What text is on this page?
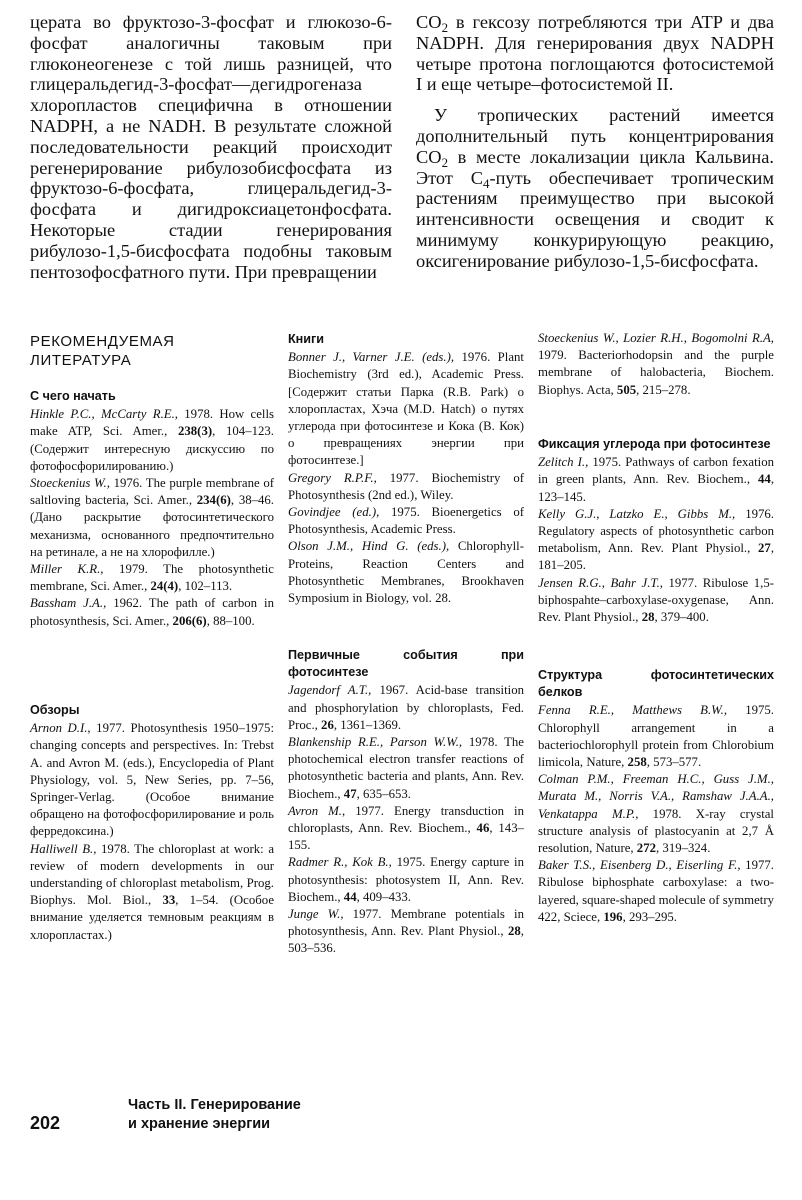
церата во фруктозо-3-фосфат и глюкозо-6-фосфат аналогичны таковым при глюконеогенезе с той лишь разницей, что глицеральдегид-3-фосфат—дегидрогеназа хлоропластов специфична в отношении NADPH, а не NADH. В результате сложной последовательности реакций происходит регенерирование рибулозобисфосфата из фруктозо-6-фосфата, глицеральдегид-3-фосфата и дигидроксиацетонфосфата. Некоторые стадии генерирования рибулозо-1,5-бисфосфата подобны таковым пентозофосфатного пути. При превращении

$CO_2$ в гексозу потребляются три ATP и два NADPH. Для генерирования двух NADPH четыре протона поглощаются фотосистемой I и еще четыре–фотосистемой II.

У тропических растений имеется дополнительный путь концентрирования $CO_2$ в месте локализации цикла Кальвина. Этот $C_4$-путь обеспечивает тропическим растениям преимущество при высокой интенсивности освещения и сводит к минимуму конкурирующую реакцию, оксигенирование рибулозо-1,5-бисфосфата.

РЕКОМЕНДУЕМАЯ
ЛИТЕРАТУРА
С чего начать

Hinkle P.C., McCarty R.E., 1978. How cells make ATP, Sci. Amer., 238(3), 104–123. (Содержит интересную дискуссию по фотофосфорилированию.)

Stoeckenius W., 1976. The purple membrane of saltloving bacteria, Sci. Amer., 234(6), 38–46. (Дано раскрытие фотосинтетического механизма, основанного предпочтительно на ретинале, а не на хлорофилле.)

Miller K.R., 1979. The photosynthetic membrane, Sci. Amer., 24(4), 102–113.

Bassham J.A., 1962. The path of carbon in photosynthesis, Sci. Amer., 206(6), 88–100.

Обзоры

Arnon D.I., 1977. Photosynthesis 1950–1975: changing concepts and perspectives. In: Trebst A. and Avron M. (eds.), Encyclopedia of Plant Physiology, vol. 5, New Series, pp. 7–56, Springer-Verlag. (Особое внимание обращено на фотофосфорилирование и роль ферредоксина.)

Halliwell B., 1978. The chloroplast at work: a review of modern developments in our understanding of chloroplast metabolism, Prog. Biophys. Mol. Biol., 33, 1–54. (Особое внимание уделяется темновым реакциям в хлоропластах.)

Книги

Bonner J., Varner J.E. (eds.), 1976. Plant Biochemistry (3rd ed.), Academic Press. [Содержит статьи Парка (R.B. Park) о хлоропластах, Хэча (M.D. Hatch) о путях углерода при фотосинтезе и Кока (B. Кок) о превращениях энергии при фотосинтезе.]

Gregory R.P.F., 1977. Biochemistry of Photosynthesis (2nd ed.), Wiley.

Govindjee (ed.), 1975. Bioenergetics of Photosynthesis, Academic Press.

Olson J.M., Hind G. (eds.), Chlorophyll-Proteins, Reaction Centers and Photosynthetic Membranes, Brookhaven Symposium in Biology, vol. 28.

Первичные события при фотосинтезе

Jagendorf A.T., 1967. Acid-base transition and phosphorylation by chloroplasts, Fed. Proc., 26, 1361–1369.

Blankenship R.E., Parson W.W., 1978. The photochemical electron transfer reactions of photosynthetic bacteria and plants, Ann. Rev. Biochem., 47, 635–653.

Avron M., 1977. Energy transduction in chloroplasts, Ann. Rev. Biochem., 46, 143–155.

Radmer R., Kok B., 1975. Energy capture in photosynthesis: photosystem II, Ann. Rev. Biochem., 44, 409–433.

Junge W., 1977. Membrane potentials in photosynthesis, Ann. Rev. Plant Physiol., 28, 503–536.

Stoeckenius W., Lozier R.H., Bogomolni R.A, 1979. Bacteriorhodopsin and the purple membrane of halobacteria, Biochem. Biophys. Acta, 505, 215–278.

Фиксация углерода при фотосинтезе

Zelitch I., 1975. Pathways of carbon fexation in green plants, Ann. Rev. Biochem., 44, 123–145.

Kelly G.J., Latzko E., Gibbs M., 1976. Regulatory aspects of photosynthetic carbon metabolism, Ann. Rev. Plant Physiol., 27, 181–205.

Jensen R.G., Bahr J.T., 1977. Ribulose 1,5-biphospahte–carboxylase-oxygenase, Ann. Rev. Plant Physiol., 28, 379–400.

Структура фотосинтетических белков

Fenna R.E., Matthews B.W., 1975. Chlorophyll arrangement in a bacteriochlorophyll protein from Chlorobium limicola, Nature, 258, 573–577.

Colman P.M., Freeman H.C., Guss J.M., Murata M., Norris V.A., Ramshaw J.A.A., Venkatappa M.P., 1978. X-ray crystal structure analysis of plastocyanin at 2,7 Å resolution, Nature, 272, 319–324.

Baker T.S., Eisenberg D., Eiserling F., 1977. Ribulose biphosphate carboxylase: a two-layered, square-shaped molecule of symmetry 422, Sciece, 196, 293–295.

202
Часть II. Генерирование
и хранение энергии
